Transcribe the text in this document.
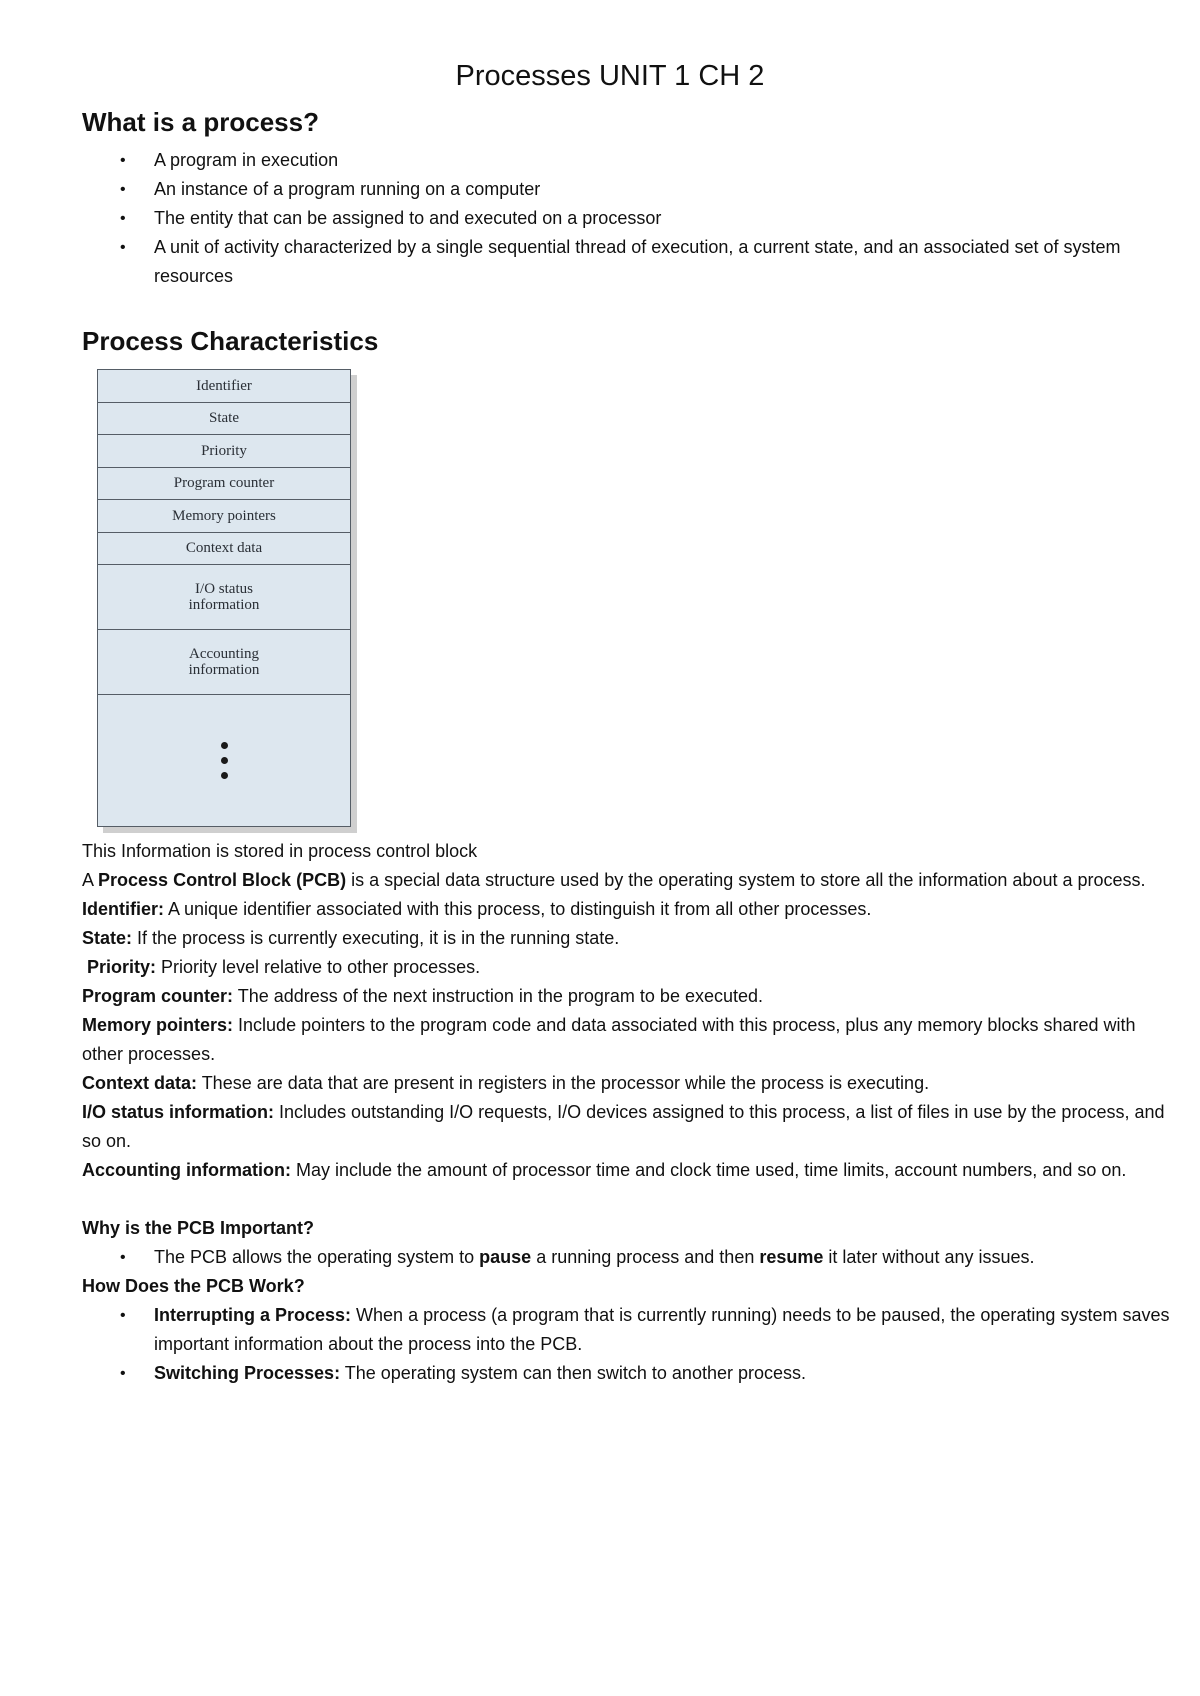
Processes UNIT 1 CH 2
What is a process?
• A program in execution
• An instance of a program running on a computer
• The entity that can be assigned to and executed on a processor
• A unit of activity characterized by a single sequential thread of execution, a current state, and an associated set of system resources
Process Characteristics
Identifier
State
Priority
Program counter
Memory pointers
Context data
I/O status
information
Accounting
information

This Information is stored in process control block

A Process Control Block (PCB) is a special data structure used by the operating system to store all the information about a process.

Identifier: A unique identifier associated with this process, to distinguish it from all other processes.

State: If the process is currently executing, it is in the running state.

Priority: Priority level relative to other processes.

Program counter: The address of the next instruction in the program to be executed.

Memory pointers: Include pointers to the program code and data associated with this process, plus any memory blocks shared with other processes.

Context data: These are data that are present in registers in the processor while the process is executing.

I/O status information: Includes outstanding I/O requests, I/O devices assigned to this process, a list of files in use by the process, and so on.

Accounting information: May include the amount of processor time and clock time used, time limits, account numbers, and so on.

Why is the PCB Important?

• The PCB allows the operating system to pause a running process and then resume it later without any issues.

How Does the PCB Work?

• Interrupting a Process: When a process (a program that is currently running) needs to be paused, the operating system saves important information about the process into the PCB.
• Switching Processes: The operating system can then switch to another process.
